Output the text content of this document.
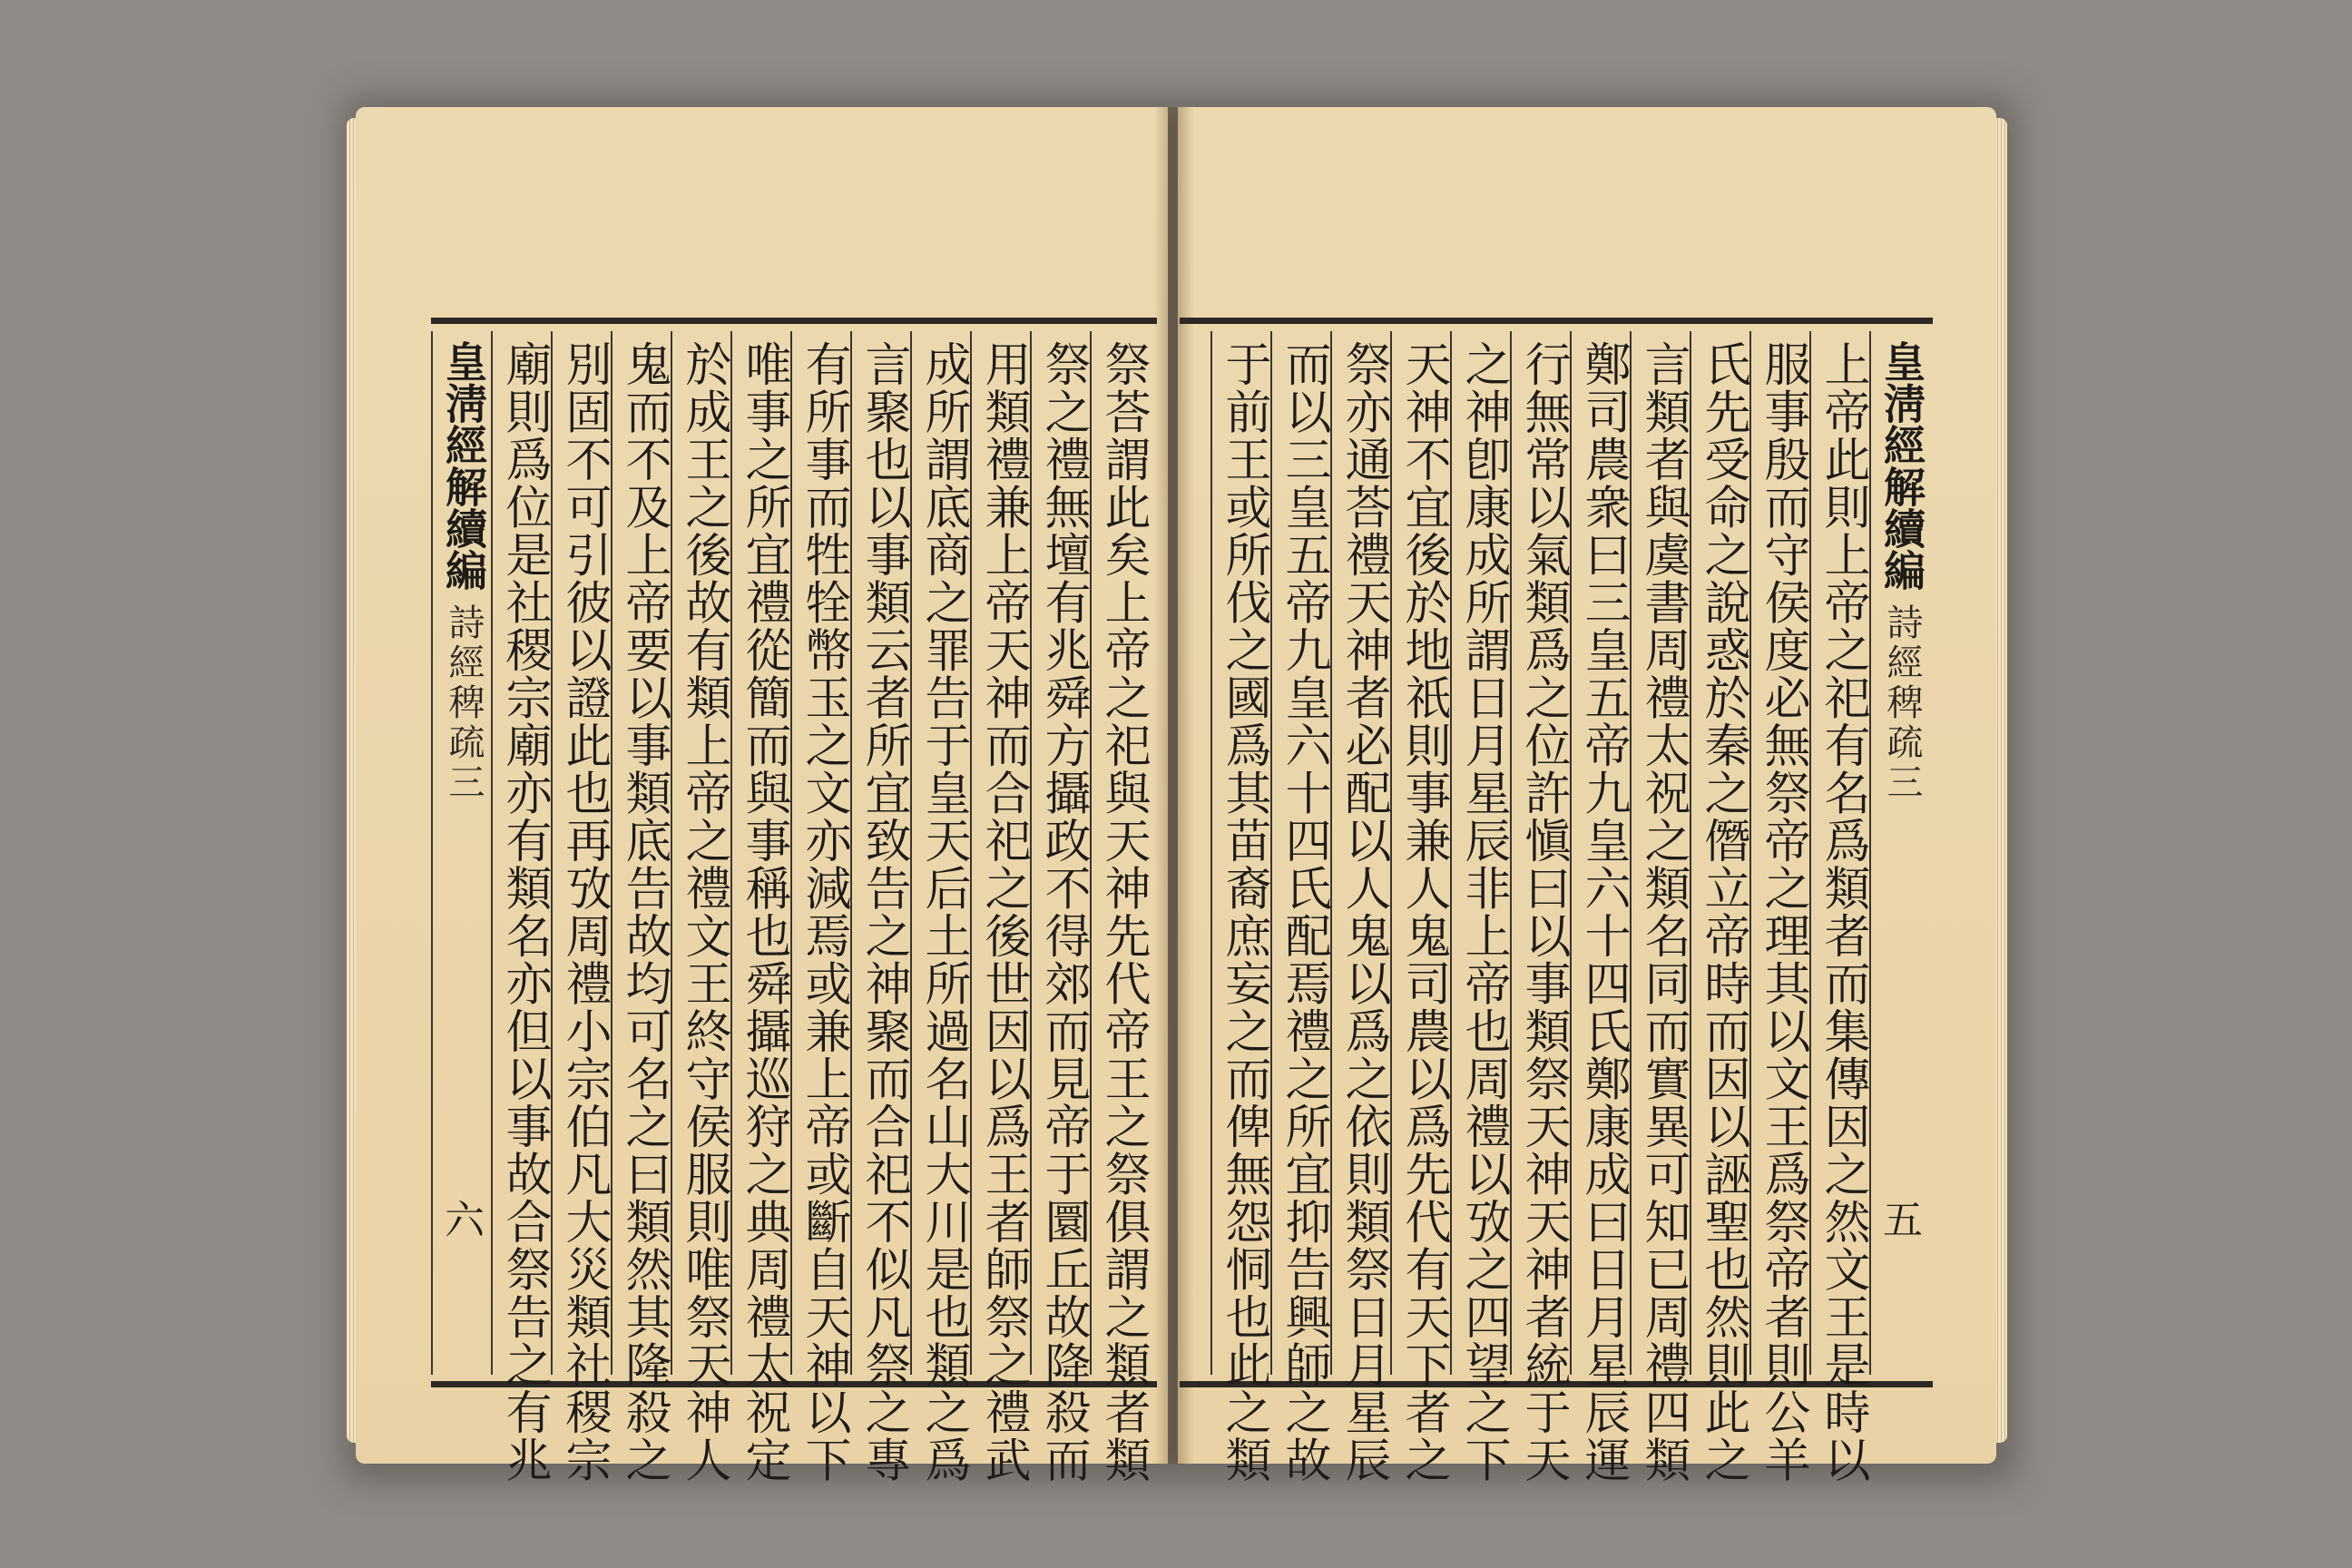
祭荅謂此矣上帝之祀與天神先代帝王之祭俱謂之類者類
祭之禮無壇有兆舜方攝政不得郊而見帝于圜丘故降殺而
用類禮兼上帝天神而合祀之後世因以爲王者師祭之禮武
成所謂底商之罪告于皇天后土所過名山大川是也類之爲
言聚也以事類云者所宜致告之神聚而合祀不似凡祭之專
有所事而牲牷幣玉之文亦減焉或兼上帝或斷自天神以下
唯事之所宜禮從簡而與事稱也舜攝巡狩之典周禮太祝定
於成王之後故有類上帝之禮文王終守侯服則唯祭天神人
鬼而不及上帝要以事類底告故均可名之曰類然其隆殺之
別固不可引彼以證此也再攷周禮小宗伯凡大災類社稷宗
廟則爲位是社稷宗廟亦有類名亦但以事故合祭告之有兆
皇淸經解續編
詩經稗疏三
六
皇淸經解續編
詩經稗疏三
五
上帝此則上帝之祀有名爲類者而集傳因之然文王是時以
服事殷而守侯度必無祭帝之理其以文王爲祭帝者則公羊
氏先受命之說惑於秦之僭立帝時而因以誣聖也然則此之
言類者與虞書周禮太祝之類名同而實異可知已周禮四類
鄭司農衆曰三皇五帝九皇六十四氏鄭康成曰日月星辰運
行無常以氣類爲之位許愼曰以事類祭天神天神者統于天
之神卽康成所謂日月星辰非上帝也周禮以攷之四望之下
天神不宜後於地祇則事兼人鬼司農以爲先代有天下者之
祭亦通荅禮天神者必配以人鬼以爲之依則類祭日月星辰
而以三皇五帝九皇六十四氏配焉禮之所宜抑告興師之故
于前王或所伐之國爲其苗裔庶妄之而俾無怨恫也此之類
